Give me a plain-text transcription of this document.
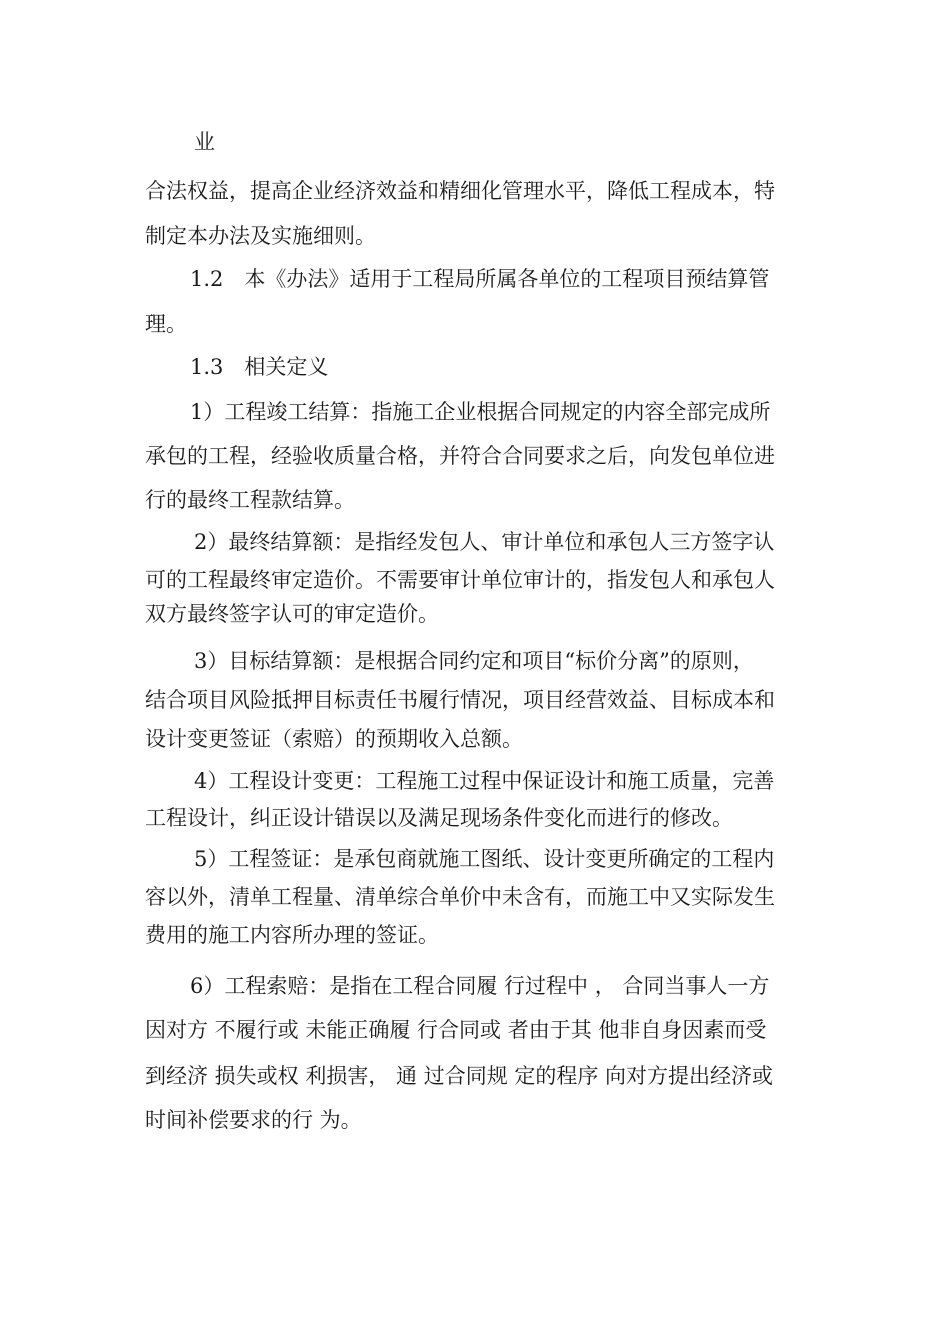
业
合法权益，提高企业经济效益和精细化管理水平，降低工程成本，特
制定本办法及实施细则。
1.2　本《办法》适用于工程局所属各单位的工程项目预结算管
理。
1.3　相关定义
1）工程竣工结算：指施工企业根据合同规定的内容全部完成所
承包的工程，经验收质量合格，并符合合同要求之后，向发包单位进
行的最终工程款结算。
2）最终结算额：是指经发包人、审计单位和承包人三方签字认
可的工程最终审定造价。不需要审计单位审计的，指发包人和承包人
双方最终签字认可的审定造价。
3）目标结算额：是根据合同约定和项目“标价分离”的原则，
结合项目风险抵押目标责任书履行情况，项目经营效益、目标成本和
设计变更签证（索赔）的预期收入总额。
4）工程设计变更：工程施工过程中保证设计和施工质量，完善
工程设计，纠正设计错误以及满足现场条件变化而进行的修改。
5）工程签证：是承包商就施工图纸、设计变更所确定的工程内
容以外，清单工程量、清单综合单价中未含有，而施工中又实际发生
费用的施工内容所办理的签证。
6）工程索赔：是指在工程合同履 行过程中 ， 合同当事人一方
因对方 不履行或 未能正确履 行合同或 者由于其 他非自身因素而受
到经济 损失或权 利损害， 通 过合同规 定的程序 向对方提出经济或
时间补偿要求的行 为。
